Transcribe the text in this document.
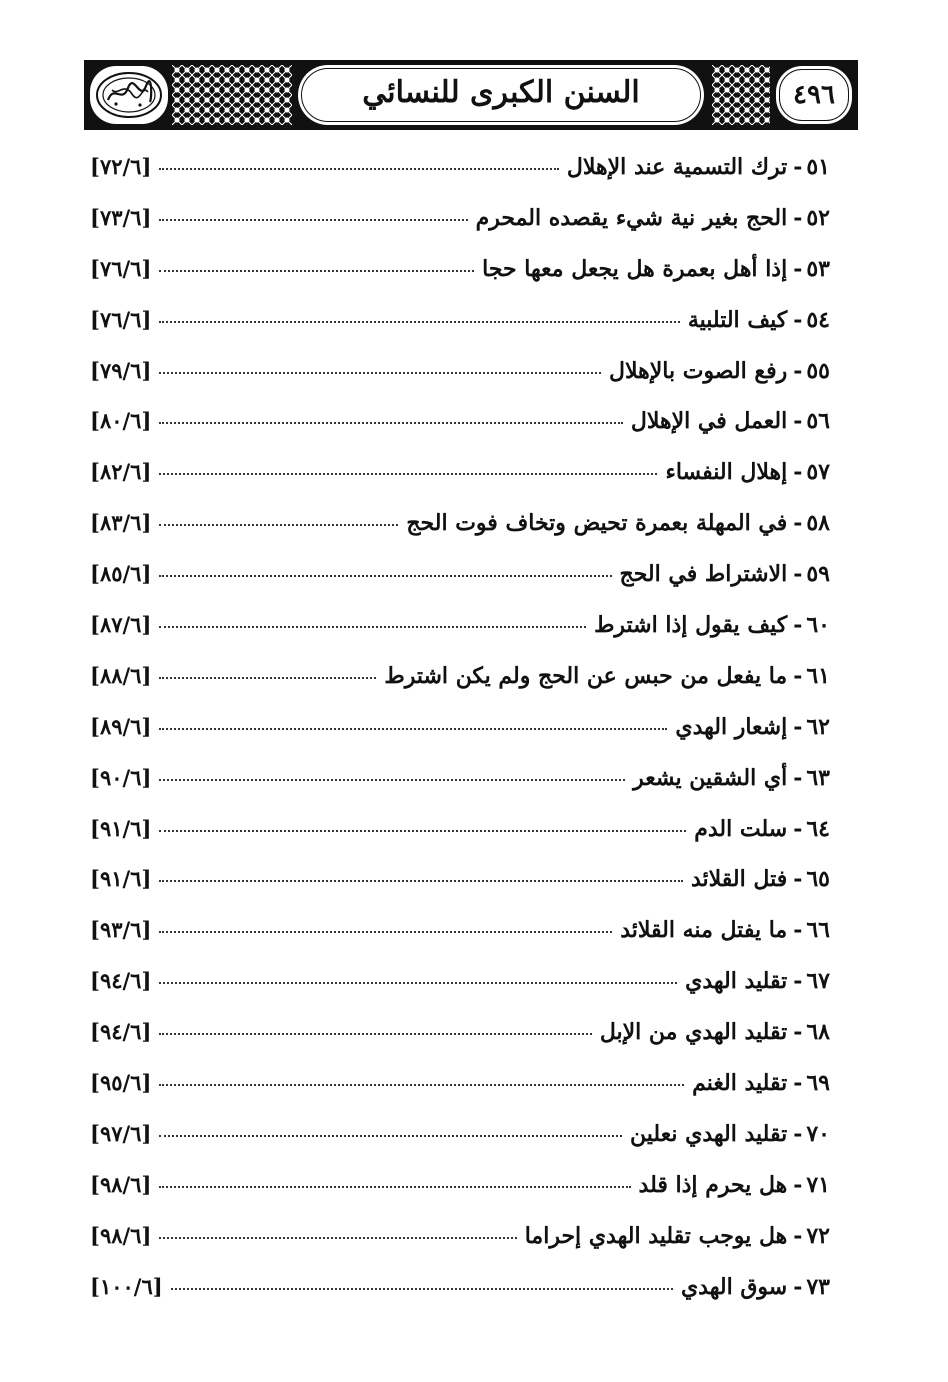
٤٩٦
السنن الكبرى للنسائي
٥١
-
ترك التسمية عند الإهلال
[٧٢/٦]
٥٢
-
الحج بغير نية شيء يقصده المحرم
[٧٣/٦]
٥٣
-
إذا أهل بعمرة هل يجعل معها حجا
[٧٦/٦]
٥٤
-
كيف التلبية
[٧٦/٦]
٥٥
-
رفع الصوت بالإهلال
[٧٩/٦]
٥٦
-
العمل في الإهلال
[٨٠/٦]
٥٧
-
إهلال النفساء
[٨٢/٦]
٥٨
-
في المهلة بعمرة تحيض وتخاف فوت الحج
[٨٣/٦]
٥٩
-
الاشتراط في الحج
[٨٥/٦]
٦٠
-
كيف يقول إذا اشترط
[٨٧/٦]
٦١
-
ما يفعل من حبس عن الحج ولم يكن اشترط
[٨٨/٦]
٦٢
-
إشعار الهدي
[٨٩/٦]
٦٣
-
أي الشقين يشعر
[٩٠/٦]
٦٤
-
سلت الدم
[٩١/٦]
٦٥
-
فتل القلائد
[٩١/٦]
٦٦
-
ما يفتل منه القلائد
[٩٣/٦]
٦٧
-
تقليد الهدي
[٩٤/٦]
٦٨
-
تقليد الهدي من الإبل
[٩٤/٦]
٦٩
-
تقليد الغنم
[٩٥/٦]
٧٠
-
تقليد الهدي نعلين
[٩٧/٦]
٧١
-
هل يحرم إذا قلد
[٩٨/٦]
٧٢
-
هل يوجب تقليد الهدي إحراما
[٩٨/٦]
٧٣
-
سوق الهدي
[١٠٠/٦]
